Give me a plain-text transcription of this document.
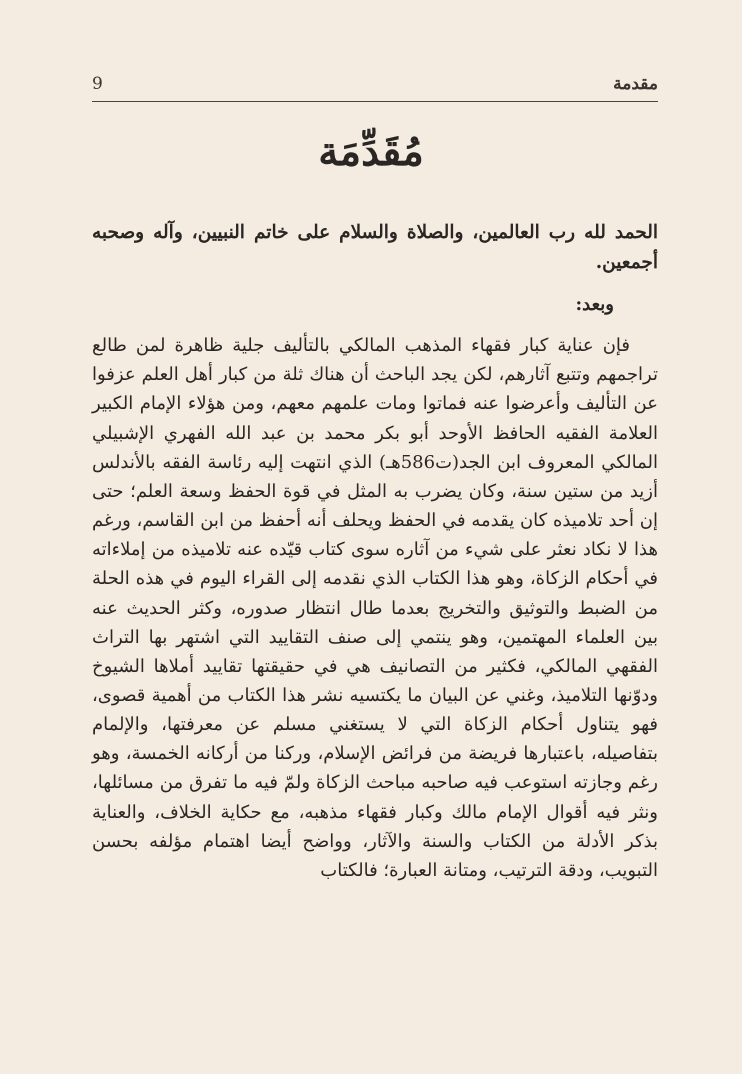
مقدمة
9
مُقَدِّمَة

الحمد لله رب العالمين، والصلاة والسلام على خاتم النبيين، وآله وصحبه أجمعين.

وبعد:

فإن عناية كبار فقهاء المذهب المالكي بالتأليف جلية ظاهرة لمن طالع تراجمهم وتتبع آثارهم، لكن يجد الباحث أن هناك ثلة من كبار أهل العلم عزفوا عن التأليف وأعرضوا عنه فماتوا ومات علمهم معهم، ومن هؤلاء الإمام الكبير العلامة الفقيه الحافظ الأوحد أبو بكر محمد بن عبد الله الفهري الإشبيلي المالكي المعروف ابن الجد(ت586هـ) الذي انتهت إليه رئاسة الفقه بالأندلس أزيد من ستين سنة، وكان يضرب به المثل في قوة الحفظ وسعة العلم؛ حتى إن أحد تلاميذه كان يقدمه في الحفظ ويحلف أنه أحفظ من ابن القاسم، ورغم هذا لا نكاد نعثر على شيء من آثاره سوى كتاب قيّده عنه تلاميذه من إملاءاته في أحكام الزكاة، وهو هذا الكتاب الذي نقدمه إلى القراء اليوم في هذه الحلة من الضبط والتوثيق والتخريج بعدما طال انتظار صدوره، وكثر الحديث عنه بين العلماء المهتمين، وهو ينتمي إلى صنف التقاييد التي اشتهر بها التراث الفقهي المالكي، فكثير من التصانيف هي في حقيقتها تقاييد أملاها الشيوخ ودوّنها التلاميذ، وغني عن البيان ما يكتسيه نشر هذا الكتاب من أهمية قصوى، فهو يتناول أحكام الزكاة التي لا يستغني مسلم عن معرفتها، والإلمام بتفاصيله، باعتبارها فريضة من فرائض الإسلام، وركنا من أركانه الخمسة، وهو رغم وجازته استوعب فيه صاحبه مباحث الزكاة ولمّ فيه ما تفرق من مسائلها، ونثر فيه أقوال الإمام مالك وكبار فقهاء مذهبه، مع حكاية الخلاف، والعناية بذكر الأدلة من الكتاب والسنة والآثار، وواضح أيضا اهتمام مؤلفه بحسن التبويب، ودقة الترتيب، ومتانة العبارة؛ فالكتاب
